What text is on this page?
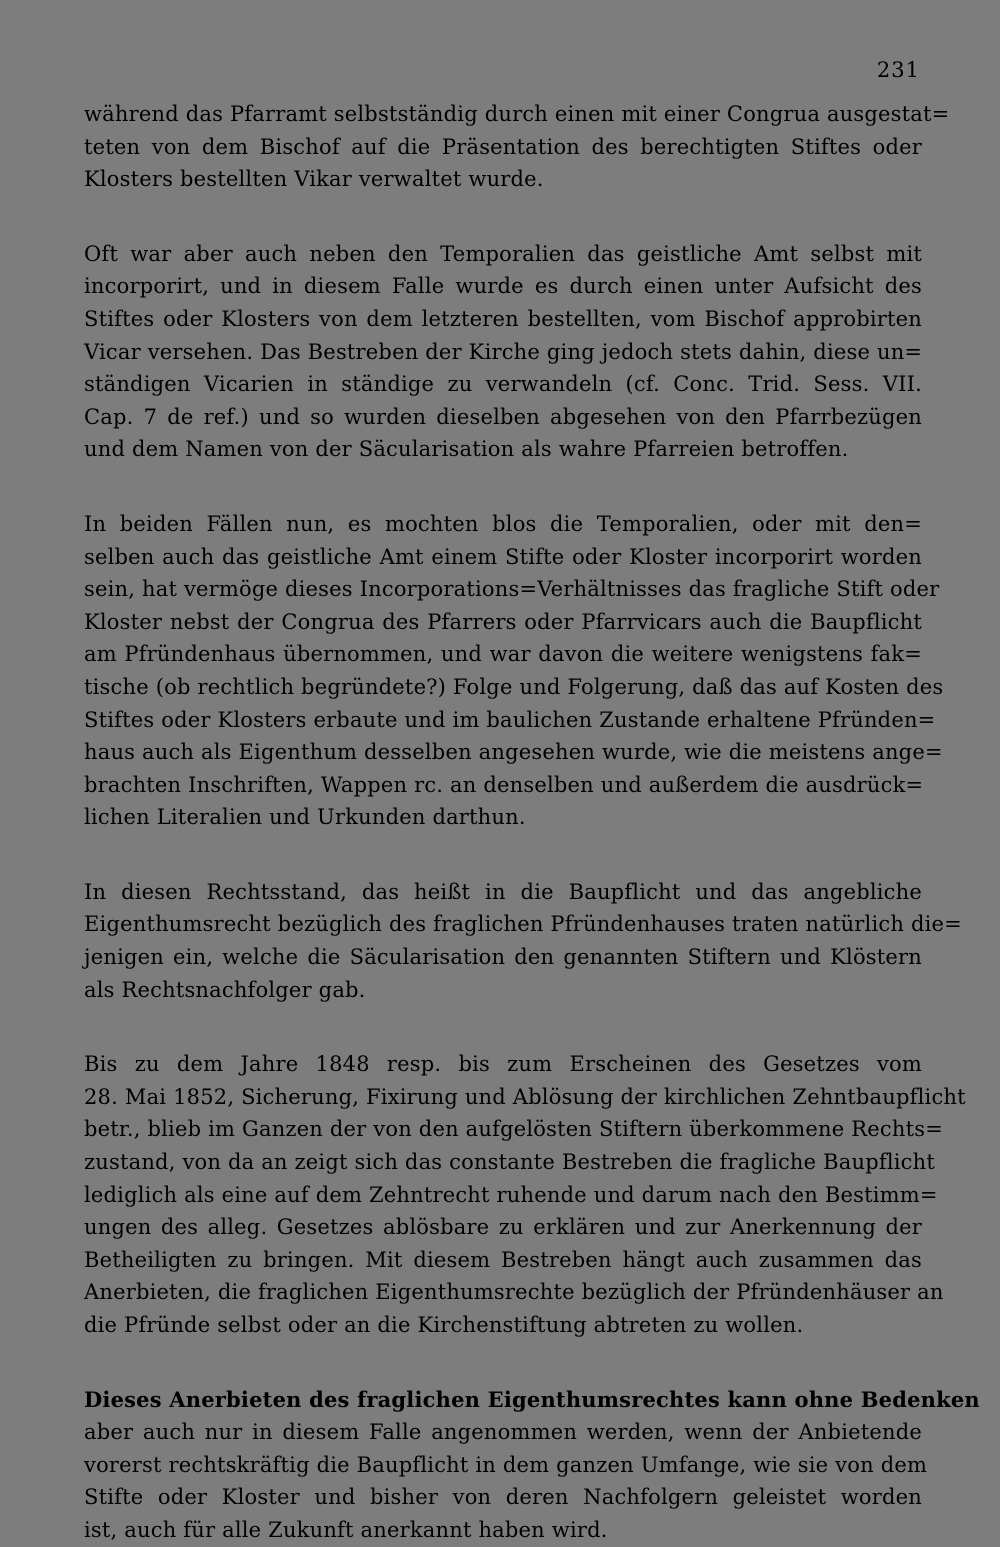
231
während das Pfarramt selbstständig durch einen mit einer Congrua ausgestat=
teten von dem Bischof auf die Präsentation des berechtigten Stiftes oder
Klosters bestellten Vikar verwaltet wurde.
Oft war aber auch neben den Temporalien das geistliche Amt selbst mit
incorporirt, und in diesem Falle wurde es durch einen unter Aufsicht des
Stiftes oder Klosters von dem letzteren bestellten, vom Bischof approbirten
Vicar versehen. Das Bestreben der Kirche ging jedoch stets dahin, diese un=
ständigen Vicarien in ständige zu verwandeln (cf. Conc. Trid. Sess. VII.
Cap. 7 de ref.) und so wurden dieselben abgesehen von den Pfarrbezügen
und dem Namen von der Säcularisation als wahre Pfarreien betroffen.
In beiden Fällen nun, es mochten blos die Temporalien, oder mit den=
selben auch das geistliche Amt einem Stifte oder Kloster incorporirt worden
sein, hat vermöge dieses Incorporations=Verhältnisses das fragliche Stift oder
Kloster nebst der Congrua des Pfarrers oder Pfarrvicars auch die Baupflicht
am Pfründenhaus übernommen, und war davon die weitere wenigstens fak=
tische (ob rechtlich begründete?) Folge und Folgerung, daß das auf Kosten des
Stiftes oder Klosters erbaute und im baulichen Zustande erhaltene Pfründen=
haus auch als Eigenthum desselben angesehen wurde, wie die meistens ange=
brachten Inschriften, Wappen rc. an denselben und außerdem die ausdrück=
lichen Literalien und Urkunden darthun.
In diesen Rechtsstand, das heißt in die Baupflicht und das angebliche
Eigenthumsrecht bezüglich des fraglichen Pfründenhauses traten natürlich die=
jenigen ein, welche die Säcularisation den genannten Stiftern und Klöstern
als Rechtsnachfolger gab.
Bis zu dem Jahre 1848 resp. bis zum Erscheinen des Gesetzes vom
28. Mai 1852, Sicherung, Fixirung und Ablösung der kirchlichen Zehntbaupflicht
betr., blieb im Ganzen der von den aufgelösten Stiftern überkommene Rechts=
zustand, von da an zeigt sich das constante Bestreben die fragliche Baupflicht
lediglich als eine auf dem Zehntrecht ruhende und darum nach den Bestimm=
ungen des alleg. Gesetzes ablösbare zu erklären und zur Anerkennung der
Betheiligten zu bringen. Mit diesem Bestreben hängt auch zusammen das
Anerbieten, die fraglichen Eigenthumsrechte bezüglich der Pfründenhäuser an
die Pfründe selbst oder an die Kirchenstiftung abtreten zu wollen.
Dieses Anerbieten des fraglichen Eigenthumsrechtes kann ohne Bedenken
aber auch nur in diesem Falle angenommen werden, wenn der Anbietende
vorerst rechtskräftig die Baupflicht in dem ganzen Umfange, wie sie von dem
Stifte oder Kloster und bisher von deren Nachfolgern geleistet worden
ist, auch für alle Zukunft anerkannt haben wird.
